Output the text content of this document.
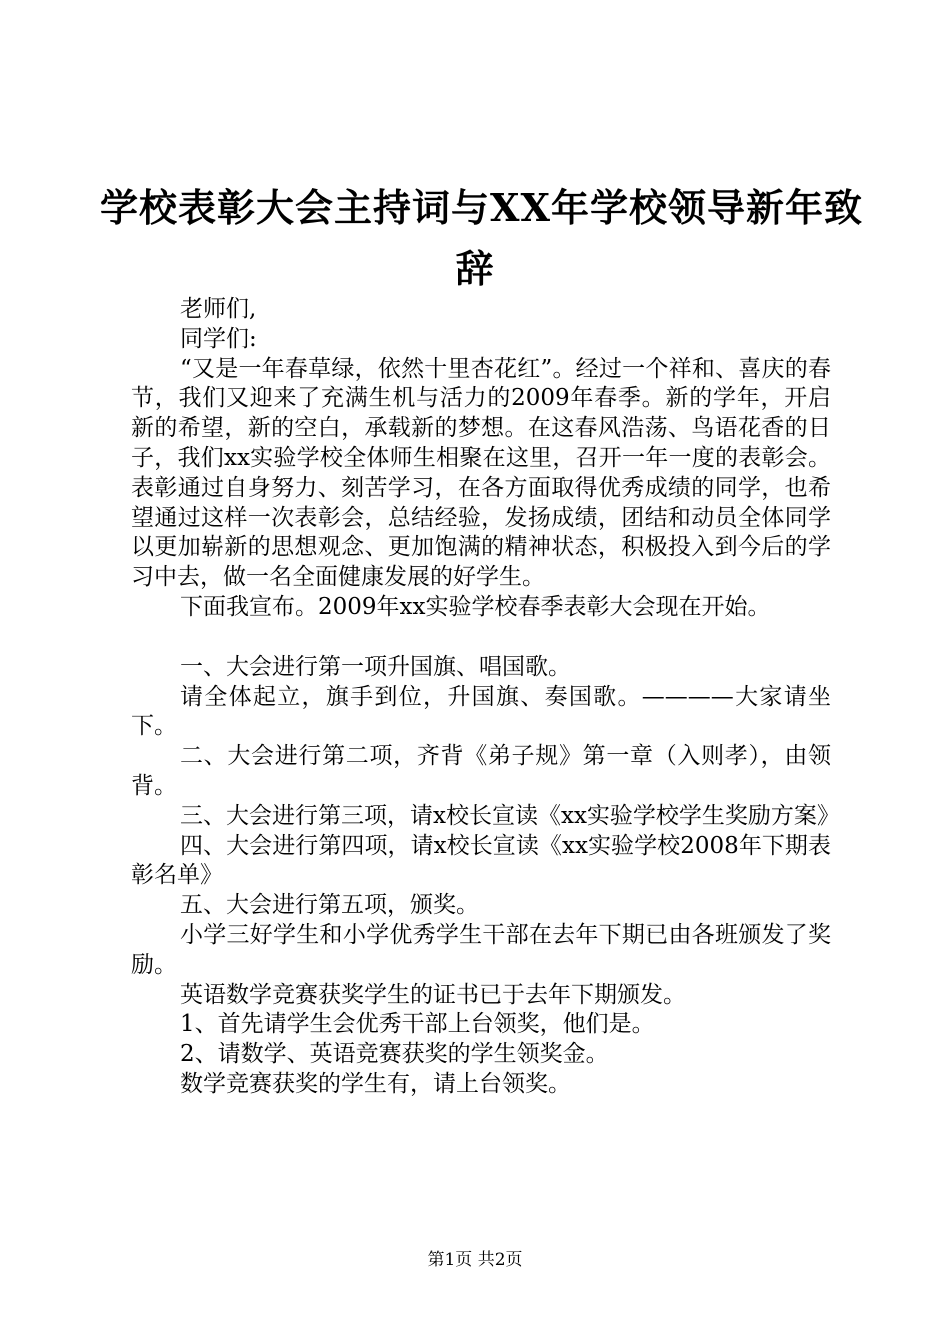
学校表彰大会主持词与XX年学校领导新年致
辞

老师们,

同学们:

“又是一年春草绿，依然十里杏花红”。经过一个祥和、喜庆的春节，我们又迎来了充满生机与活力的2009年春季。新的学年，开启新的希望，新的空白，承载新的梦想。在这春风浩荡、鸟语花香的日子，我们xx实验学校全体师生相聚在这里，召开一年一度的表彰会。表彰通过自身努力、刻苦学习，在各方面取得优秀成绩的同学，也希望通过这样一次表彰会，总结经验，发扬成绩，团结和动员全体同学以更加崭新的思想观念、更加饱满的精神状态，积极投入到今后的学习中去，做一名全面健康发展的好学生。

下面我宣布。2009年xx实验学校春季表彰大会现在开始。

一、大会进行第一项升国旗、唱国歌。

请全体起立，旗手到位，升国旗、奏国歌。————大家请坐下。

二、大会进行第二项，齐背《弟子规》第一章（入则孝），由领背。

三、大会进行第三项，请x校长宣读《xx实验学校学生奖励方案》

四、大会进行第四项，请x校长宣读《xx实验学校2008年下期表彰名单》

五、大会进行第五项，颁奖。

小学三好学生和小学优秀学生干部在去年下期已由各班颁发了奖励。

英语数学竞赛获奖学生的证书已于去年下期颁发。

1、首先请学生会优秀干部上台领奖，他们是。

2、请数学、英语竞赛获奖的学生领奖金。

数学竞赛获奖的学生有，请上台领奖。

第1页 共2页
